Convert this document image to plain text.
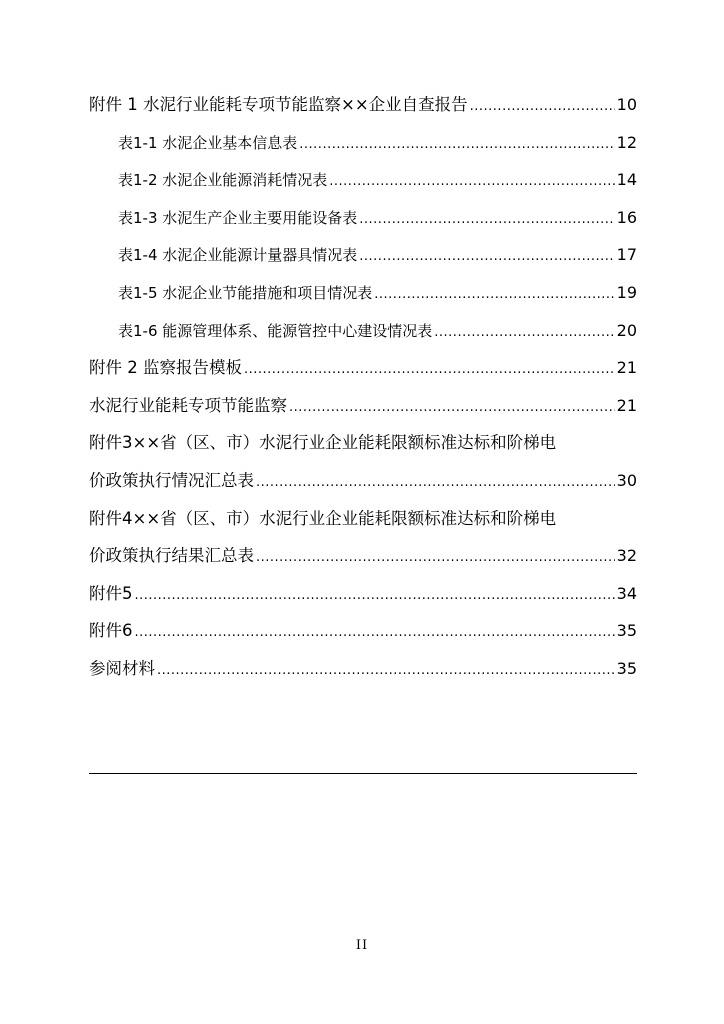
附件 1 水泥行业能耗专项节能监察××企业自查报告 .....	10
表1-1 水泥企业基本信息表 .....	12
表1-2 水泥企业能源消耗情况表 .....	14
表1-3 水泥生产企业主要用能设备表 .....	16
表1-4 水泥企业能源计量器具情况表 .....	17
表1-5 水泥企业节能措施和项目情况表 .....	19
表1-6 能源管理体系、能源管控中心建设情况表 .....	20
附件 2 监察报告模板 .....	21
水泥行业能耗专项节能监察 .....	21
附件3××省（区、市）水泥行业企业能耗限额标准达标和阶梯电
价政策执行情况汇总表 .....	30
附件4××省（区、市）水泥行业企业能耗限额标准达标和阶梯电
价政策执行结果汇总表 .....	32
附件5 .....	34
附件6 .....	35
参阅材料 .....	35
II
